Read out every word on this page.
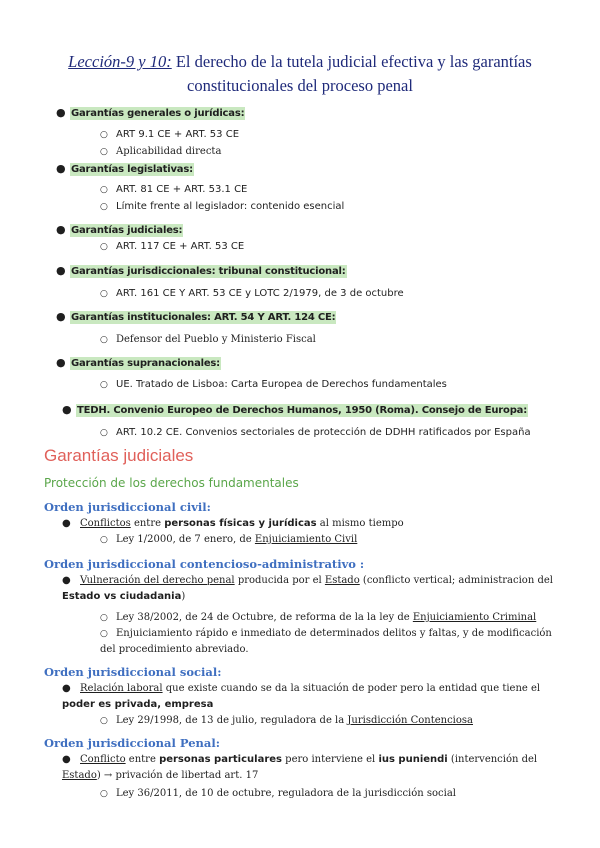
Lección-9 y 10: El derecho de la tutela judicial efectiva y las garantías constitucionales del proceso penal
● Garantías generales o jurídicas:
○ ART 9.1 CE + ART. 53 CE
○ Aplicabilidad directa
● Garantías legislativas:
○ ART. 81 CE + ART. 53.1 CE
○ Límite frente al legislador: contenido esencial
● Garantías judiciales:
○ ART. 117 CE + ART. 53 CE
● Garantías jurisdiccionales: tribunal constitucional:
○ ART. 161 CE Y ART. 53 CE y LOTC 2/1979, de 3 de octubre
● Garantías institucionales: ART. 54 Y ART. 124 CE:
○ Defensor del Pueblo y Ministerio Fiscal
● Garantías supranacionales:
○ UE. Tratado de Lisboa: Carta Europea de Derechos fundamentales
● TEDH. Convenio Europeo de Derechos Humanos, 1950 (Roma). Consejo de Europa:
○ ART. 10.2 CE. Convenios sectoriales de protección de DDHH ratificados por España
Garantías judiciales
Protección de los derechos fundamentales
Orden jurisdiccional civil:
● Conflictos entre personas físicas y jurídicas al mismo tiempo
○ Ley 1/2000, de 7 enero, de Enjuiciamiento Civil
Orden jurisdiccional contencioso-administrativo :
● Vulneración del derecho penal producida por el Estado (conflicto vertical; administracion del Estado vs ciudadania)
○ Ley 38/2002, de 24 de Octubre, de reforma de la la ley de Enjuiciamiento Criminal
○ Enjuiciamiento rápido e inmediato de determinados delitos y faltas, y de modificación del procedimiento abreviado.
Orden jurisdiccional social:
● Relación laboral que existe cuando se da la situación de poder pero la entidad que tiene el poder es privada, empresa
○ Ley 29/1998, de 13 de julio, reguladora de la Jurisdicción Contenciosa
Orden jurisdiccional Penal:
● Conflicto entre personas particulares pero interviene el ius puniendi (intervención del Estado) → privación de libertad art. 17
○ Ley 36/2011, de 10 de octubre, reguladora de la jurisdicción social
